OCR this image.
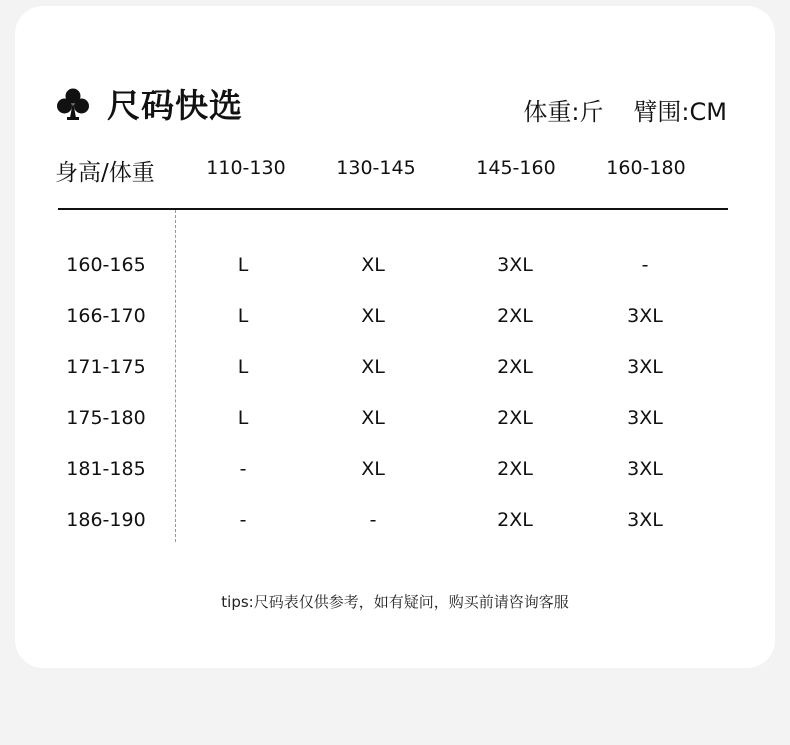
尺码快选	体重:斤 臂围:CM
身高/体重	110-130	130-145	145-160	160-180
160-165	L	XL	3XL	-
166-170	L	XL	2XL	3XL
171-175	L	XL	2XL	3XL
175-180	L	XL	2XL	3XL
181-185	-	XL	2XL	3XL
186-190	-	-	2XL	3XL
tips:尺码表仅供参考，如有疑问，购买前请咨询客服
